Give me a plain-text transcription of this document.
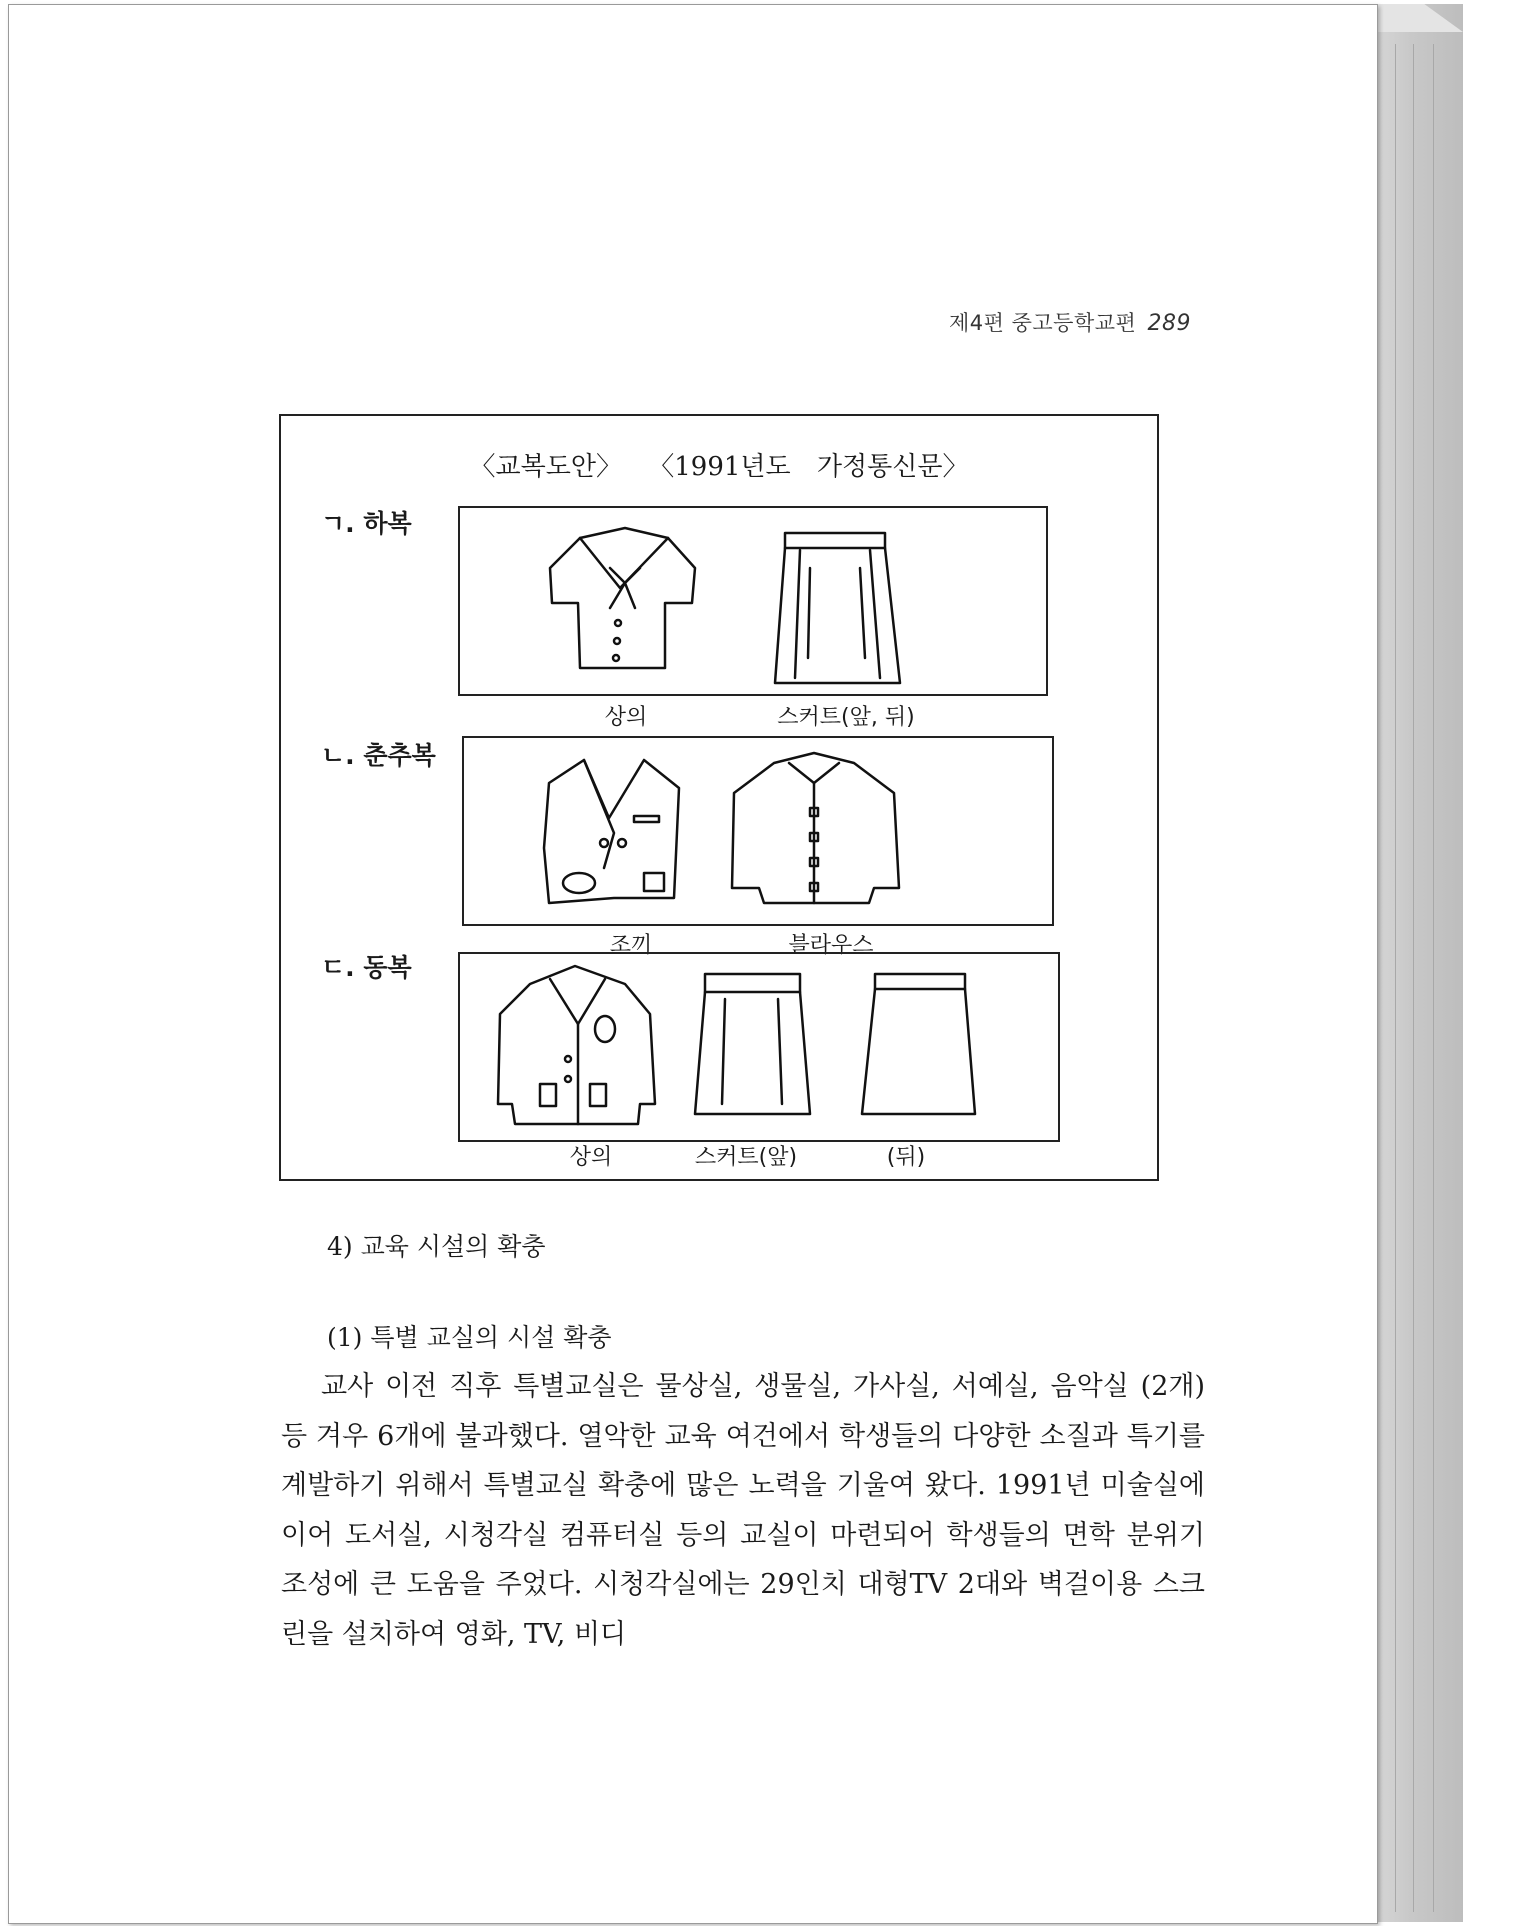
제4편 중고등학교편 289
〈교복도안〉 〈1991년도 가정통신문〉
ㄱ. 하복
상의	스커트(앞, 뒤)
ㄴ. 춘추복
조끼	블라우스
ㄷ. 동복
상의	스커트(앞)	(뒤)
4) 교육 시설의 확충
(1) 특별 교실의 시설 확충

교사 이전 직후 특별교실은 물상실, 생물실, 가사실, 서예실, 음악실 (2개) 등 겨우 6개에 불과했다. 열악한 교육 여건에서 학생들의 다양한 소질과 특기를 계발하기 위해서 특별교실 확충에 많은 노력을 기울여 왔다. 1991년 미술실에 이어 도서실, 시청각실 컴퓨터실 등의 교실이 마련되어 학생들의 면학 분위기 조성에 큰 도움을 주었다. 시청각실에는 29인치 대형TV 2대와 벽걸이용 스크린을 설치하여 영화, TV, 비디
